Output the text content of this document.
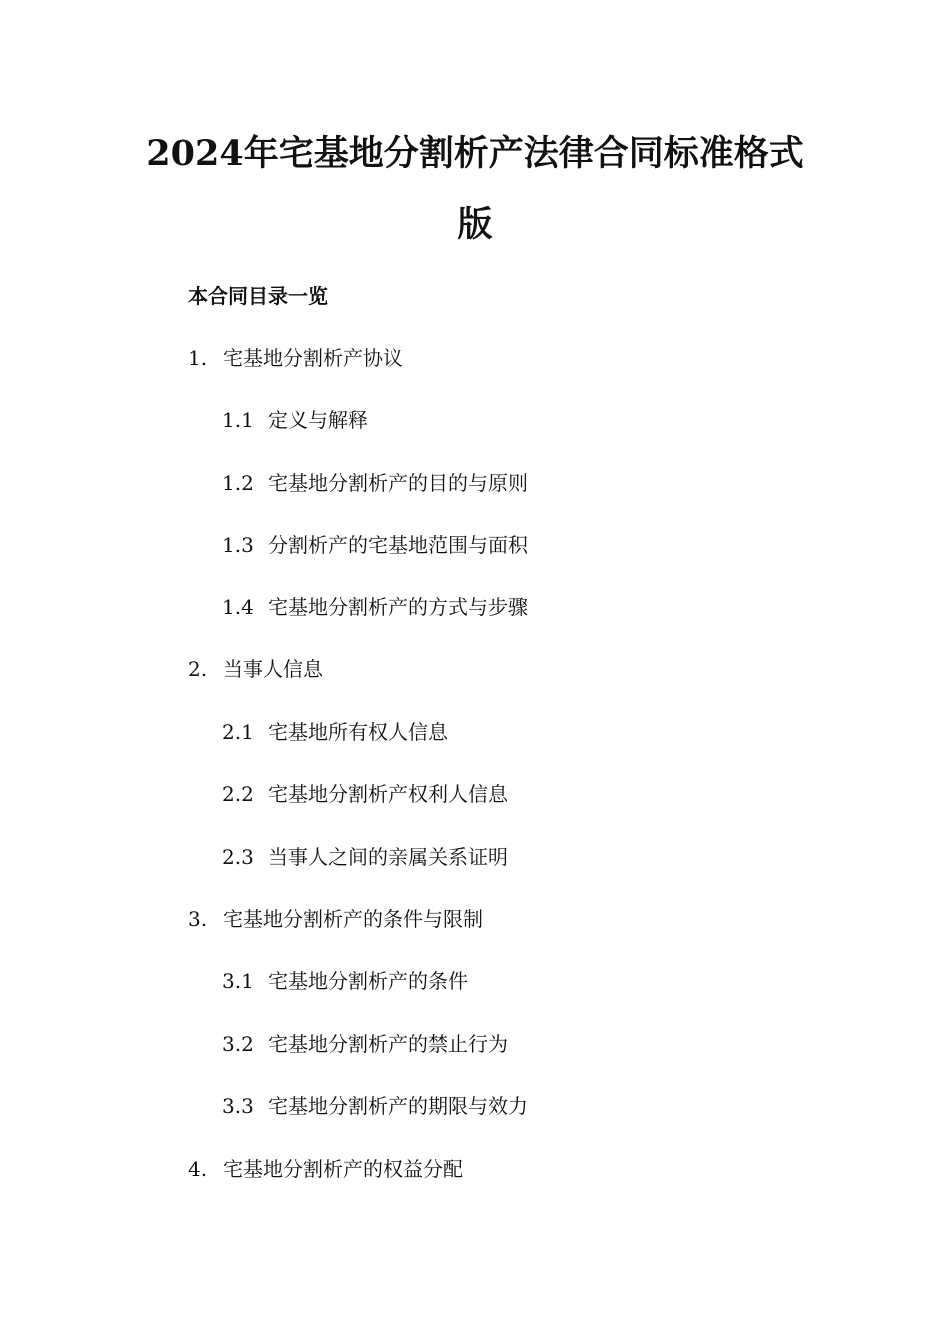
2024年宅基地分割析产法律合同标准格式
版
本合同目录一览
1. 宅基地分割析产协议
1.1 定义与解释
1.2 宅基地分割析产的目的与原则
1.3 分割析产的宅基地范围与面积
1.4 宅基地分割析产的方式与步骤
2. 当事人信息
2.1 宅基地所有权人信息
2.2 宅基地分割析产权利人信息
2.3 当事人之间的亲属关系证明
3. 宅基地分割析产的条件与限制
3.1 宅基地分割析产的条件
3.2 宅基地分割析产的禁止行为
3.3 宅基地分割析产的期限与效力
4. 宅基地分割析产的权益分配
